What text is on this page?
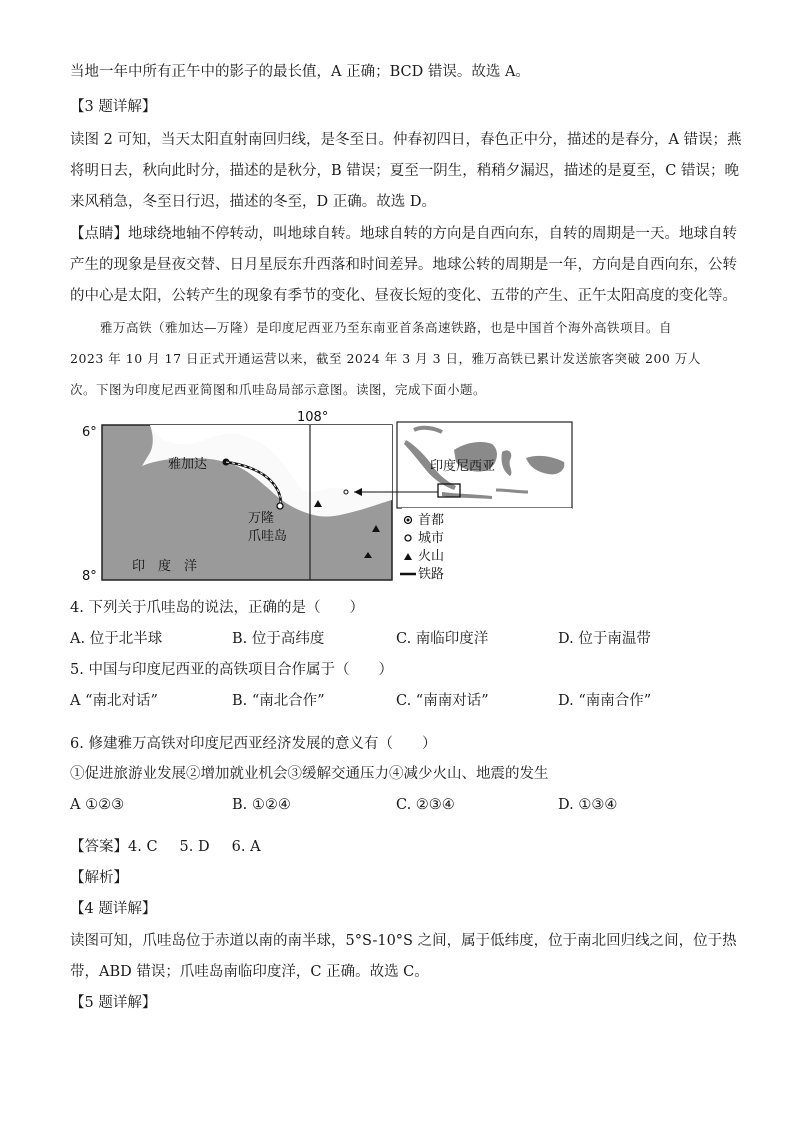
当地一年中所有正午中的影子的最长值，A 正确；BCD 错误。故选 A。
【3 题详解】
读图 2 可知，当天太阳直射南回归线，是冬至日。仲春初四日，春色正中分，描述的是春分，A 错误；燕
将明日去，秋向此时分，描述的是秋分，B 错误；夏至一阴生，稍稍夕漏迟，描述的是夏至，C 错误；晚
来风稍急，冬至日行迟，描述的冬至，D 正确。故选 D。
【点睛】地球绕地轴不停转动，叫地球自转。地球自转的方向是自西向东，自转的周期是一天。地球自转
产生的现象是昼夜交替、日月星辰东升西落和时间差异。地球公转的周期是一年，方向是自西向东，公转
的中心是太阳，公转产生的现象有季节的变化、昼夜长短的变化、五带的产生、正午太阳高度的变化等。
雅万高铁（雅加达—万隆）是印度尼西亚乃至东南亚首条高速铁路，也是中国首个海外高铁项目。自
2023 年 10 月 17 日正式开通运营以来，截至 2024 年 3 月 3 日，雅万高铁已累计发送旅客突破 200 万人
次。下图为印度尼西亚简图和爪哇岛局部示意图。读图，完成下面小题。
108°
6°
8°
雅加达
万隆
爪哇岛
印　度　洋
印度尼西亚
首都
城市
火山
铁路
4. 下列关于爪哇岛的说法，正确的是（　　）
A. 位于北半球	B. 位于高纬度	C. 南临印度洋	D. 位于南温带
5. 中国与印度尼西亚的高铁项目合作属于（　　）
A “南北对话”	B. “南北合作”	C. “南南对话”	D. “南南合作”
6. 修建雅万高铁对印度尼西亚经济发展的意义有（　　）
①促进旅游业发展②增加就业机会③缓解交通压力④减少火山、地震的发生
A ①②③	B. ①②④	C. ②③④	D. ①③④
【答案】4. C 5. D 6. A
【解析】
【4 题详解】
读图可知，爪哇岛位于赤道以南的南半球，5°S-10°S 之间，属于低纬度，位于南北回归线之间，位于热
带，ABD 错误；爪哇岛南临印度洋，C 正确。故选 C。
【5 题详解】
